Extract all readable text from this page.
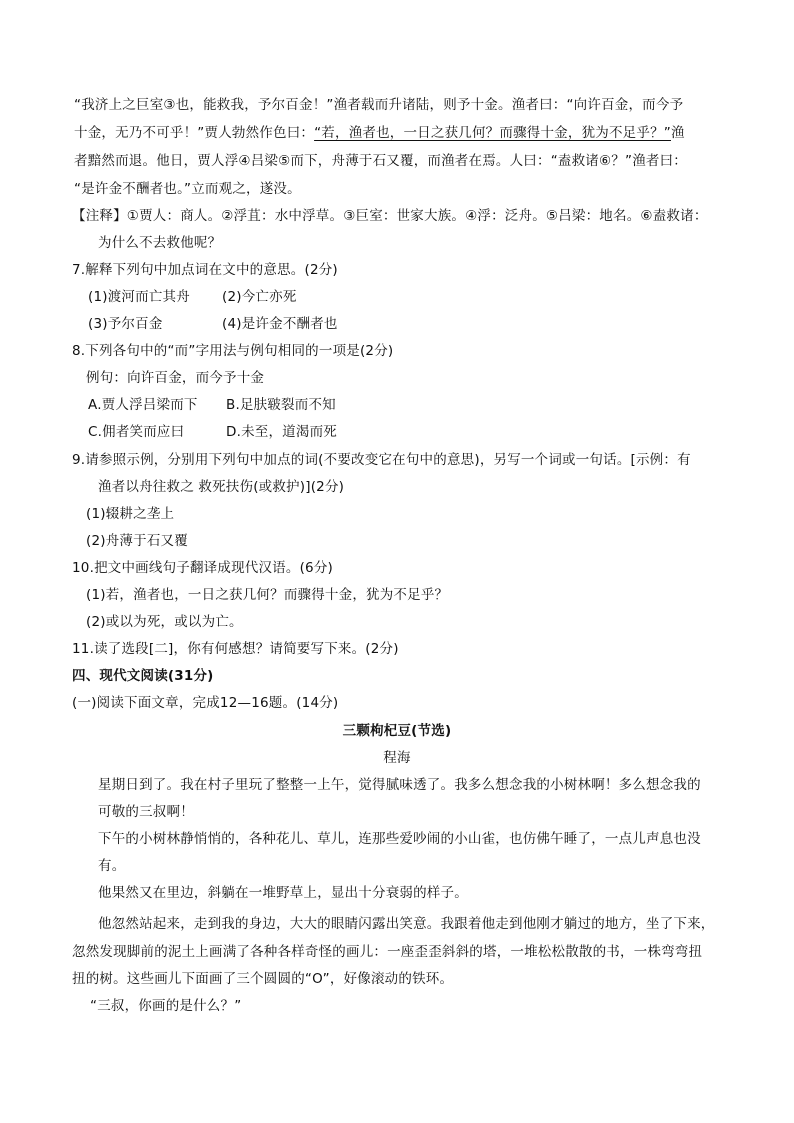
“我济上之巨室③也，能救我，予尔百金！”渔者载而升诸陆，则予十金。渔者曰：“向许百金，而今予
十金，无乃不可乎！”贾人勃然作色曰：“若，渔者也，一日之获几何？而骤得十金，犹为不足乎？”渔
者黯然而退。他日，贾人浮④吕梁⑤而下，舟薄于石又覆，而渔者在焉。人曰：“盍救诸⑥？”渔者曰：
“是许金不酬者也。”立而观之，遂没。
【注释】①贾人：商人。②浮苴：水中浮草。③巨室：世家大族。④浮：泛舟。⑤吕梁：地名。⑥盍救诸：
为什么不去救他呢？
7.解释下列句中加点词在文中的意思。(2分)
(1)渡河而亡其舟 (2)今亡亦死
(3)予尔百金	(4)是许金不酬者也
8.下列各句中的“而”字用法与例句相同的一项是(2分)
例句：向许百金，而今予十金
A.贾人浮吕梁而下 B.足肤皲裂而不知
C.佣者笑而应曰	D.未至，道渴而死
9.请参照示例，分别用下列句中加点的词(不要改变它在句中的意思)，另写一个词或一句话。[示例：有
渔者以舟往救之 救死扶伤(或救护)](2分)
(1)辍耕之垄上
(2)舟薄于石又覆
10.把文中画线句子翻译成现代汉语。(6分)
(1)若，渔者也，一日之获几何？而骤得十金，犹为不足乎？
(2)或以为死，或以为亡。
11.读了选段[二]，你有何感想？请简要写下来。(2分)
四、现代文阅读(31分)
(一)阅读下面文章，完成12—16题。(14分)
三颗枸杞豆(节选)
程海
星期日到了。我在村子里玩了整整一上午，觉得腻味透了。我多么想念我的小树林啊！多么想念我的
可敬的三叔啊！
下午的小树林静悄悄的，各种花儿、草儿，连那些爱吵闹的小山雀，也仿佛午睡了，一点儿声息也没
有。
他果然又在里边，斜躺在一堆野草上，显出十分衰弱的样子。
他忽然站起来，走到我的身边，大大的眼睛闪露出笑意。我跟着他走到他刚才躺过的地方，坐了下来，
忽然发现脚前的泥土上画满了各种各样奇怪的画儿：一座歪歪斜斜的塔，一堆松松散散的书，一株弯弯扭
扭的树。这些画儿下面画了三个圆圆的“O”，好像滚动的铁环。
“三叔，你画的是什么？”
